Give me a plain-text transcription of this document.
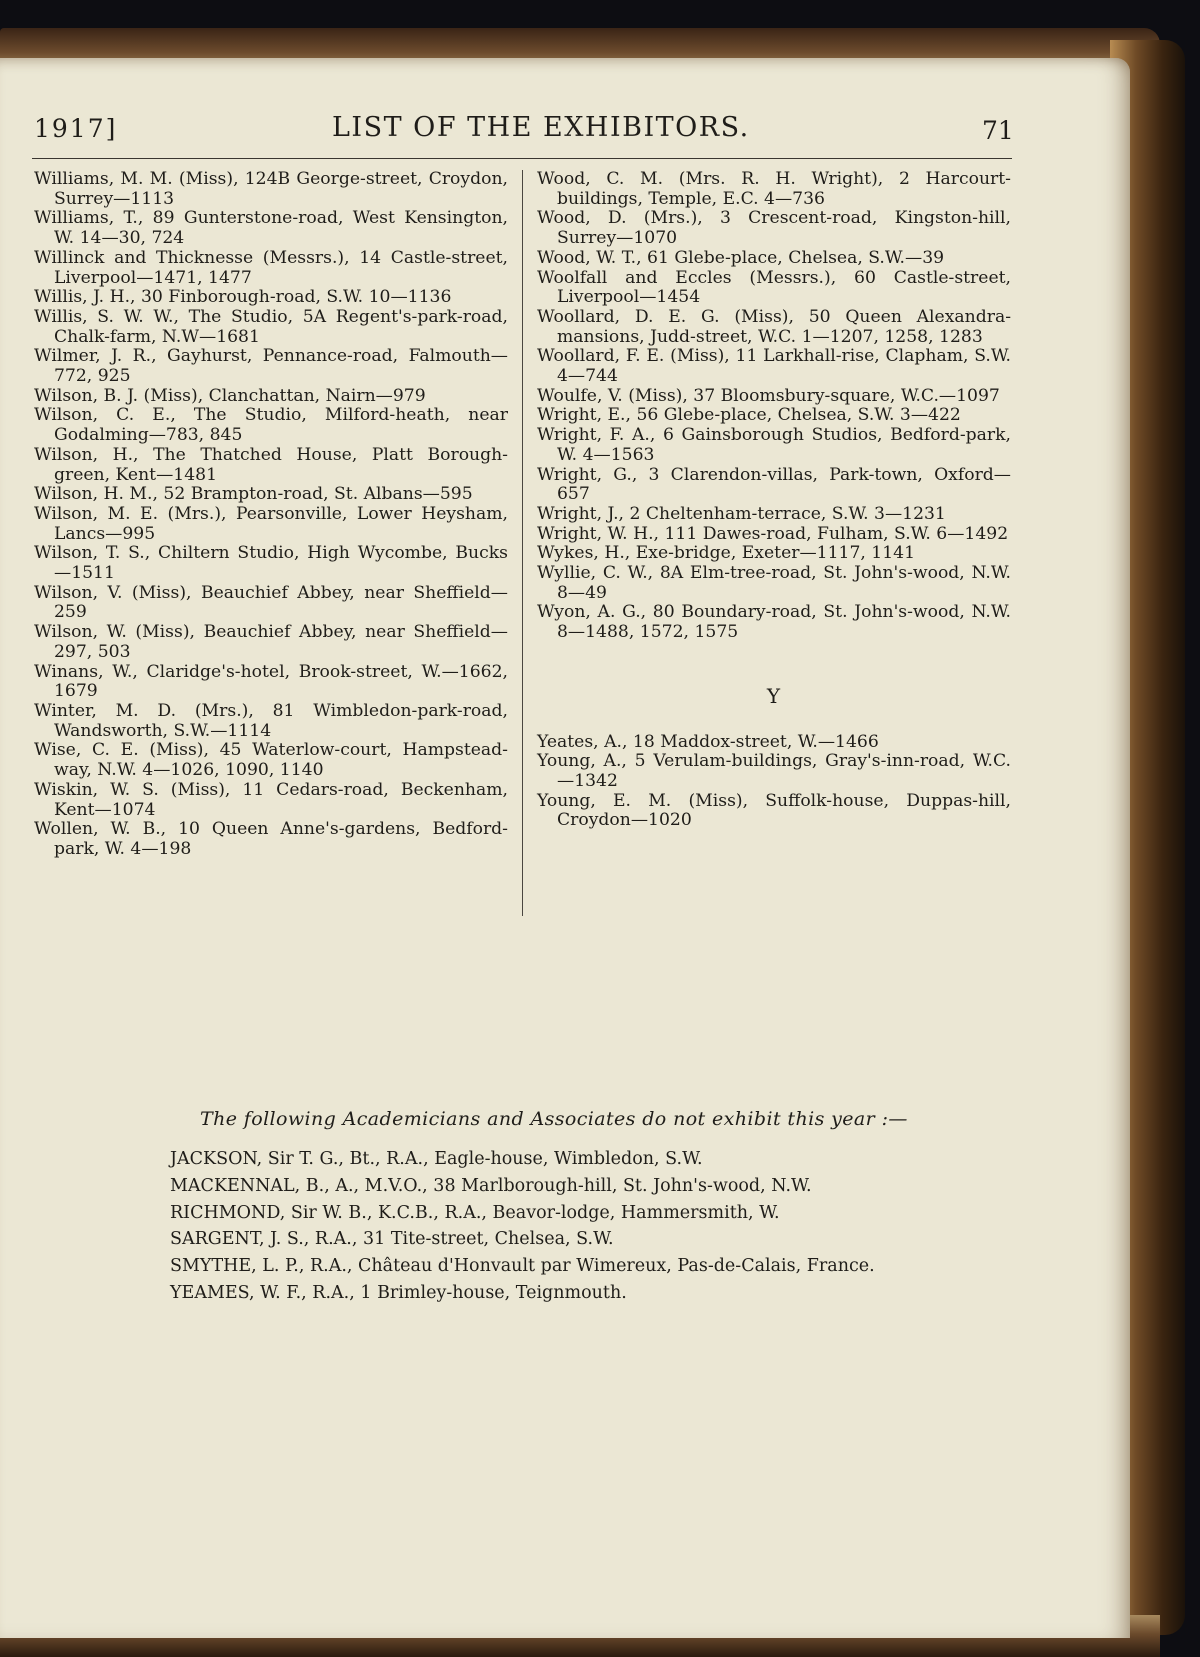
1917]	LIST OF THE EXHIBITORS.	71
Williams, M. M. (Miss), 124B George-street, Croydon, Surrey—1113
Williams, T., 89 Gunterstone-road, West Kensington, W. 14—30, 724
Willinck and Thicknesse (Messrs.), 14 Castle-street, Liverpool—1471, 1477
Willis, J. H., 30 Finborough-road, S.W. 10—1136
Willis, S. W. W., The Studio, 5A Regent's-park-road, Chalk-farm, N.W—1681
Wilmer, J. R., Gayhurst, Pennance-road, Falmouth—772, 925
Wilson, B. J. (Miss), Clanchattan, Nairn—979
Wilson, C. E., The Studio, Milford-heath, near Godalming—783, 845
Wilson, H., The Thatched House, Platt Borough-green, Kent—1481
Wilson, H. M., 52 Brampton-road, St. Albans—595
Wilson, M. E. (Mrs.), Pearsonville, Lower Heysham, Lancs—995
Wilson, T. S., Chiltern Studio, High Wycombe, Bucks —1511
Wilson, V. (Miss), Beauchief Abbey, near Sheffield—259
Wilson, W. (Miss), Beauchief Abbey, near Sheffield—297, 503
Winans, W., Claridge's-hotel, Brook-street, W.—1662, 1679
Winter, M. D. (Mrs.), 81 Wimbledon-park-road, Wandsworth, S.W.—1114
Wise, C. E. (Miss), 45 Waterlow-court, Hampstead-way, N.W. 4—1026, 1090, 1140
Wiskin, W. S. (Miss), 11 Cedars-road, Beckenham, Kent—1074
Wollen, W. B., 10 Queen Anne's-gardens, Bedford-park, W. 4—198
Wood, C. M. (Mrs. R. H. Wright), 2 Harcourt-buildings, Temple, E.C. 4—736
Wood, D. (Mrs.), 3 Crescent-road, Kingston-hill, Surrey—1070
Wood, W. T., 61 Glebe-place, Chelsea, S.W.—39
Woolfall and Eccles (Messrs.), 60 Castle-street, Liverpool—1454
Woollard, D. E. G. (Miss), 50 Queen Alexandra-mansions, Judd-street, W.C. 1—1207, 1258, 1283
Woollard, F. E. (Miss), 11 Larkhall-rise, Clapham, S.W. 4—744
Woulfe, V. (Miss), 37 Bloomsbury-square, W.C.—1097
Wright, E., 56 Glebe-place, Chelsea, S.W. 3—422
Wright, F. A., 6 Gainsborough Studios, Bedford-park, W. 4—1563
Wright, G., 3 Clarendon-villas, Park-town, Oxford—657
Wright, J., 2 Cheltenham-terrace, S.W. 3—1231
Wright, W. H., 111 Dawes-road, Fulham, S.W. 6—1492
Wykes, H., Exe-bridge, Exeter—1117, 1141
Wyllie, C. W., 8A Elm-tree-road, St. John's-wood, N.W. 8—49
Wyon, A. G., 80 Boundary-road, St. John's-wood, N.W. 8—1488, 1572, 1575
Y
Yeates, A., 18 Maddox-street, W.—1466
Young, A., 5 Verulam-buildings, Gray's-inn-road, W.C.—1342
Young, E. M. (Miss), Suffolk-house, Duppas-hill, Croydon—1020
The following Academicians and Associates do not exhibit this year :—
JACKSON, Sir T. G., Bt., R.A., Eagle-house, Wimbledon, S.W.
MACKENNAL, B., A., M.V.O., 38 Marlborough-hill, St. John's-wood, N.W.
RICHMOND, Sir W. B., K.C.B., R.A., Beavor-lodge, Hammersmith, W.
SARGENT, J. S., R.A., 31 Tite-street, Chelsea, S.W.
SMYTHE, L. P., R.A., Château d'Honvault par Wimereux, Pas-de-Calais, France.
YEAMES, W. F., R.A., 1 Brimley-house, Teignmouth.
